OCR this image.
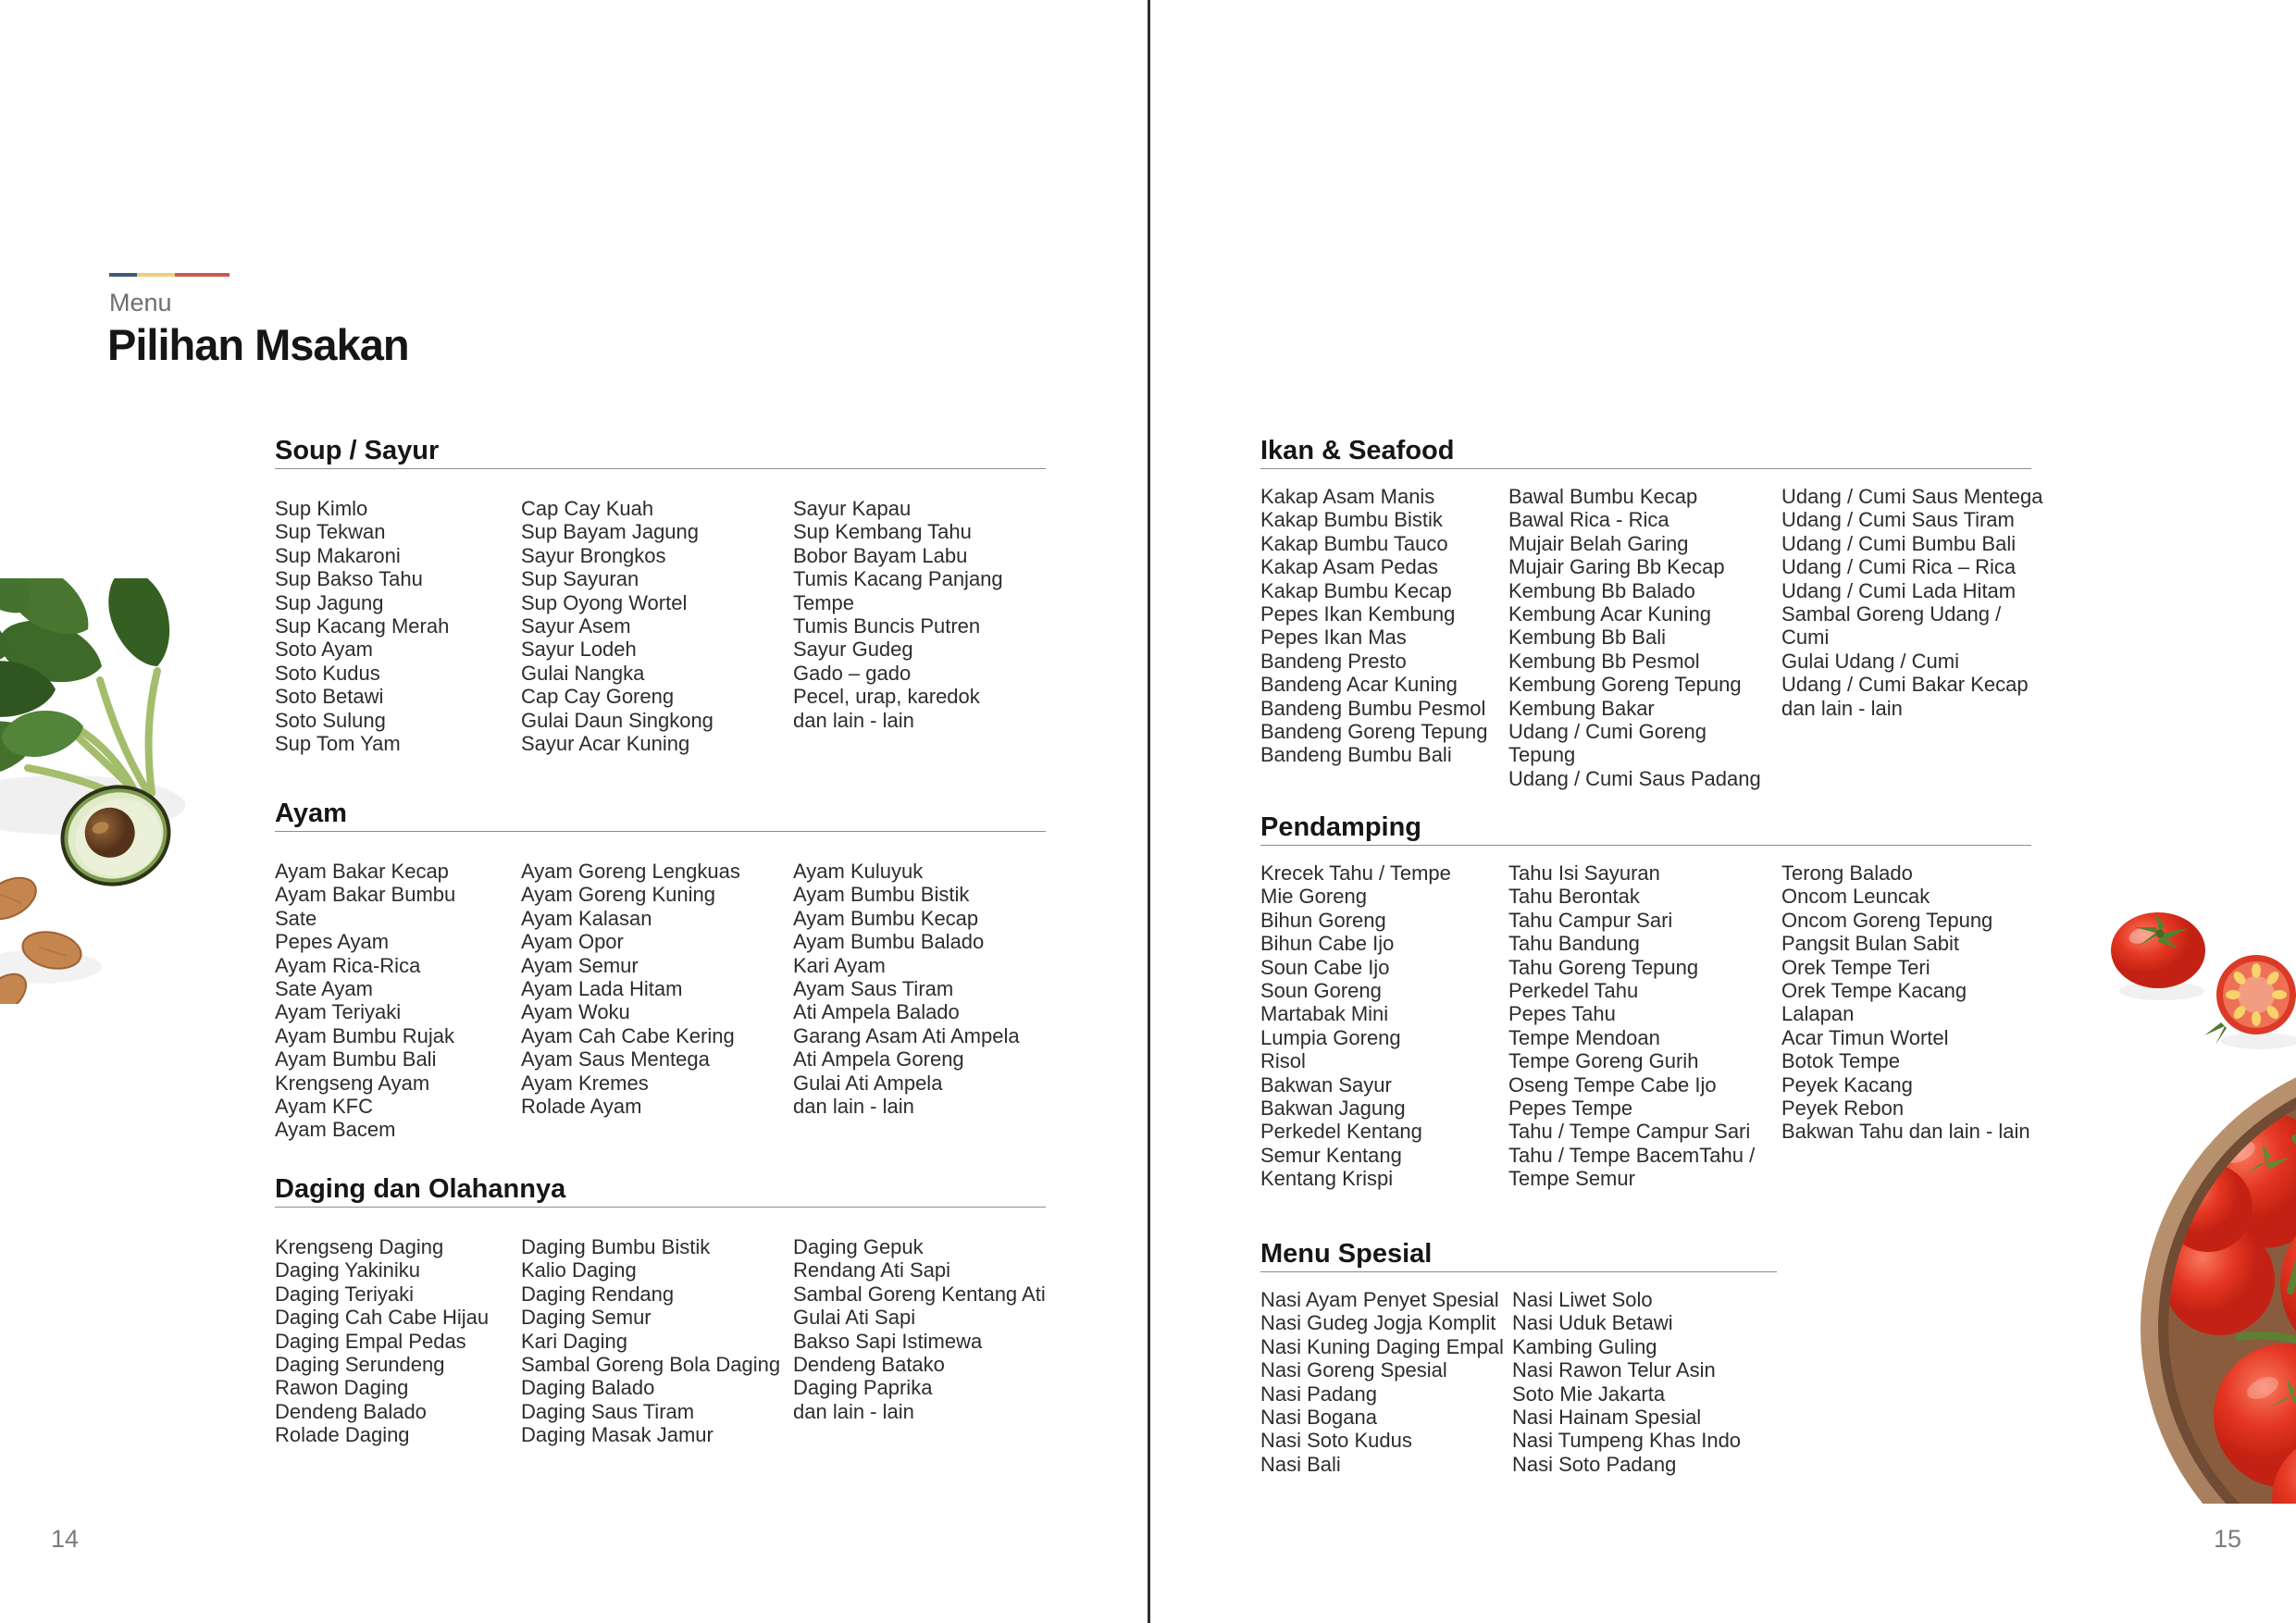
Menu
Pilihan Msakan
Soup / Sayur
Sup Kimlo
Sup Tekwan
Sup Makaroni
Sup Bakso Tahu
Sup Jagung
Sup Kacang Merah
Soto Ayam
Soto Kudus
Soto Betawi
Soto Sulung
Sup Tom Yam
Cap Cay Kuah
Sup Bayam Jagung
Sayur Brongkos
Sup Sayuran
Sup Oyong Wortel
Sayur Asem
Sayur Lodeh
Gulai Nangka
Cap Cay Goreng
Gulai Daun Singkong
Sayur Acar Kuning
Sayur Kapau
Sup Kembang Tahu
Bobor Bayam Labu
Tumis Kacang Panjang Tempe
Tumis Buncis Putren
Sayur Gudeg
Gado – gado
Pecel, urap, karedok
dan lain - lain
Ayam
Ayam Bakar Kecap
Ayam Bakar Bumbu
Sate
Pepes Ayam
Ayam Rica-Rica
Sate Ayam
Ayam Teriyaki
Ayam Bumbu Rujak
Ayam Bumbu Bali
Krengseng Ayam
Ayam KFC
Ayam Bacem
Ayam Goreng Lengkuas
Ayam Goreng Kuning
Ayam Kalasan
Ayam Opor
Ayam Semur
Ayam Lada Hitam
Ayam Woku
Ayam Cah Cabe Kering
Ayam Saus Mentega
Ayam Kremes
Rolade Ayam
Ayam Kuluyuk
Ayam Bumbu Bistik
Ayam Bumbu Kecap
Ayam Bumbu Balado
Kari Ayam
Ayam Saus Tiram
Ati Ampela Balado
Garang Asam Ati Ampela
Ati Ampela Goreng
Gulai Ati Ampela
dan lain - lain
Daging dan Olahannya
Krengseng Daging
Daging Yakiniku
Daging Teriyaki
Daging Cah Cabe Hijau
Daging Empal Pedas
Daging Serundeng
Rawon Daging
Dendeng Balado
Rolade Daging
Daging Bumbu Bistik
Kalio Daging
Daging Rendang
Daging Semur
Kari Daging
Sambal Goreng Bola Daging
Daging Balado
Daging Saus Tiram
Daging Masak Jamur
Daging Gepuk
Rendang Ati Sapi
Sambal Goreng Kentang Ati
Gulai Ati Sapi
Bakso Sapi Istimewa
Dendeng Batako
Daging Paprika
dan lain - lain
14
Ikan & Seafood
Kakap Asam Manis
Kakap Bumbu Bistik
Kakap Bumbu Tauco
Kakap Asam Pedas
Kakap Bumbu Kecap
Pepes Ikan Kembung
Pepes Ikan Mas
Bandeng Presto
Bandeng Acar Kuning
Bandeng Bumbu Pesmol
Bandeng Goreng Tepung
Bandeng Bumbu Bali
Bawal Bumbu Kecap
Bawal Rica - Rica
Mujair Belah Garing
Mujair Garing Bb Kecap
Kembung Bb Balado
Kembung Acar Kuning
Kembung Bb Bali
Kembung Bb Pesmol
Kembung Goreng Tepung
Kembung Bakar
Udang / Cumi Goreng Tepung
Udang / Cumi Saus Padang
Udang / Cumi Saus Mentega
Udang / Cumi Saus Tiram
Udang / Cumi Bumbu Bali
Udang / Cumi Rica – Rica
Udang / Cumi Lada Hitam
Sambal Goreng Udang / Cumi
Gulai Udang / Cumi
Udang / Cumi Bakar Kecap
dan lain - lain
Pendamping
Krecek Tahu / Tempe
Mie Goreng
Bihun Goreng
Bihun Cabe Ijo
Soun Cabe Ijo
Soun Goreng
Martabak Mini
Lumpia Goreng
Risol
Bakwan Sayur
Bakwan Jagung
Perkedel Kentang
Semur Kentang
Kentang Krispi
Tahu Isi Sayuran
Tahu Berontak
Tahu Campur Sari
Tahu Bandung
Tahu Goreng Tepung
Perkedel Tahu
Pepes Tahu
Tempe Mendoan
Tempe Goreng Gurih
Oseng Tempe Cabe Ijo
Pepes Tempe
Tahu / Tempe Campur Sari
Tahu / Tempe BacemTahu / Tempe Semur
Terong Balado
Oncom Leuncak
Oncom Goreng Tepung
Pangsit Bulan Sabit
Orek Tempe Teri
Orek Tempe Kacang
Lalapan
Acar Timun Wortel
Botok Tempe
Peyek Kacang
Peyek Rebon
Bakwan Tahu dan lain - lain
Menu Spesial
Nasi Ayam Penyet Spesial
Nasi Gudeg Jogja Komplit
Nasi Kuning Daging Empal
Nasi Goreng Spesial
Nasi Padang
Nasi Bogana
Nasi Soto Kudus
Nasi Bali
Nasi Liwet Solo
Nasi Uduk Betawi
Kambing Guling
Nasi Rawon Telur Asin
Soto Mie Jakarta
Nasi Hainam Spesial
Nasi Tumpeng Khas Indo
Nasi Soto Padang
15
